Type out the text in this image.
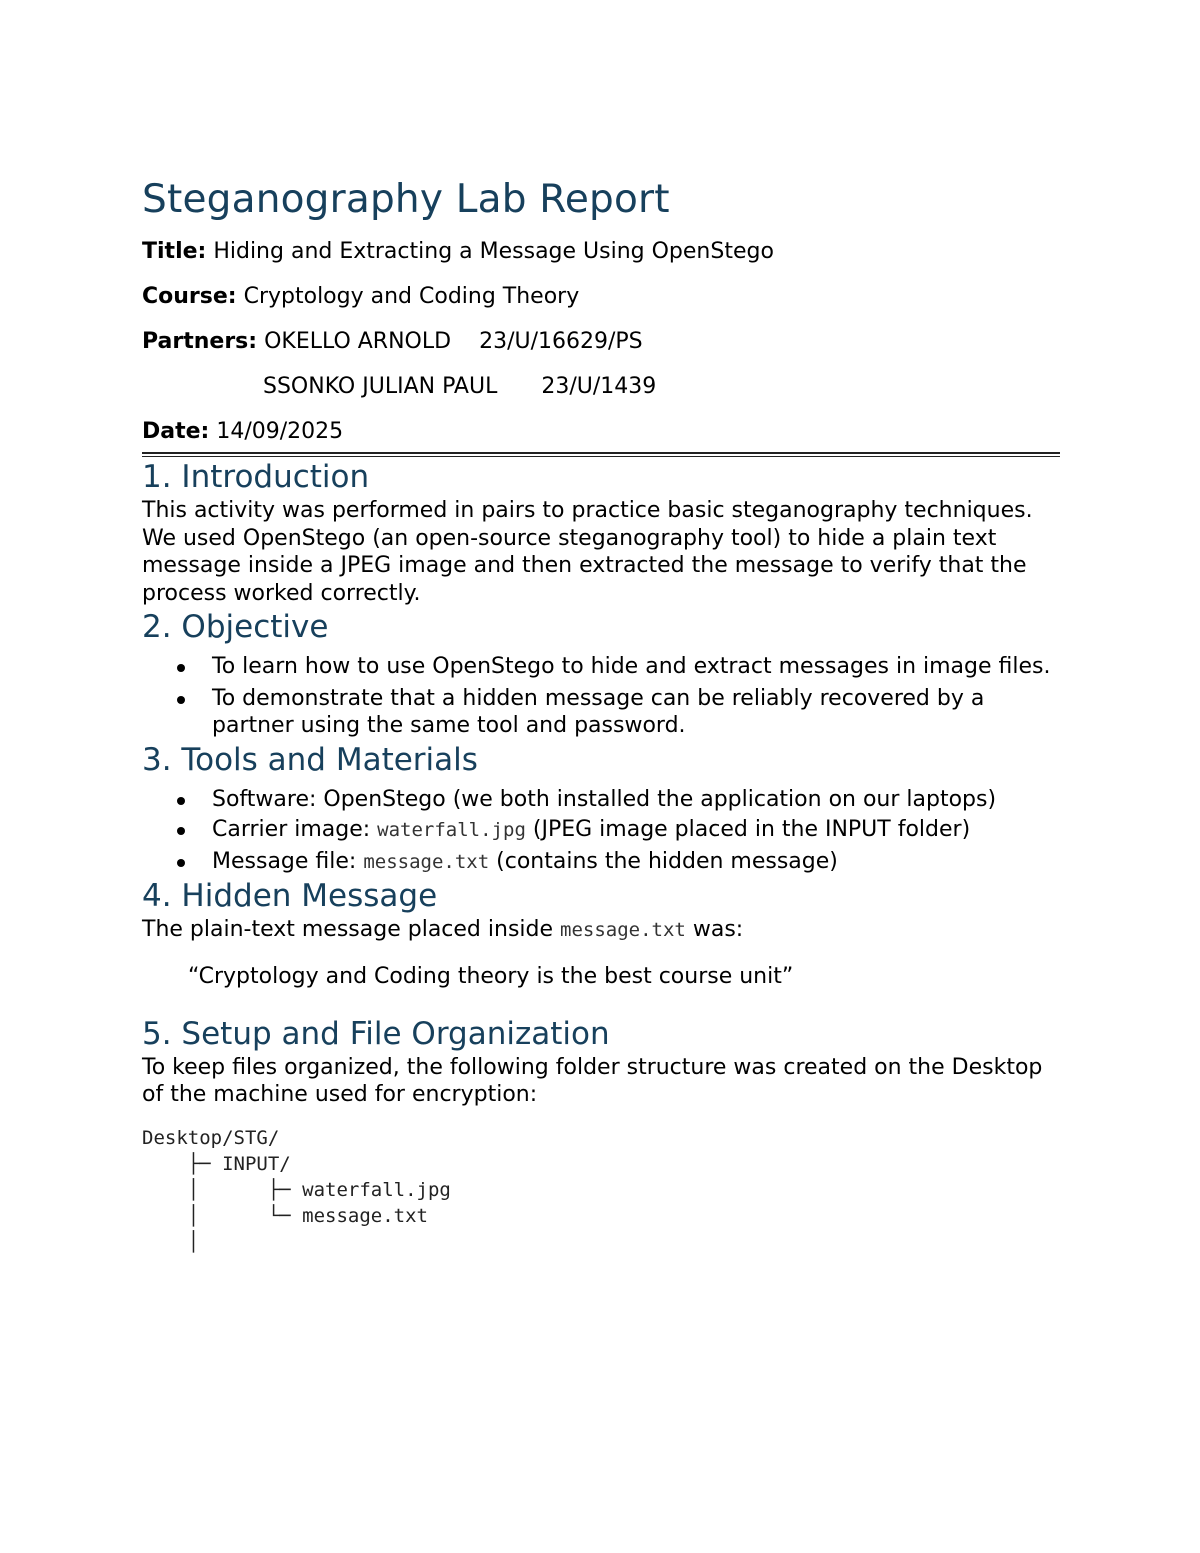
Steganography Lab Report

Title: Hiding and Extracting a Message Using OpenStego

Course: Cryptology and Coding Theory

Partners: OKELLO ARNOLD 23/U/16629/PS

SSONKO JULIAN PAUL 23/U/1439

Date: 14/09/2025

1. Introduction

This activity was performed in pairs to practice basic steganography techniques. We used OpenStego (an open-source steganography tool) to hide a plain text message inside a JPEG image and then extracted the message to verify that the process worked correctly.

2. Objective
To learn how to use OpenStego to hide and extract messages in image files.
To demonstrate that a hidden message can be reliably recovered by a partner using the same tool and password.
3. Tools and Materials
Software: OpenStego (we both installed the application on our laptops)
Carrier image: waterfall.jpg (JPEG image placed in the INPUT folder)
Message file: message.txt (contains the hidden message)
4. Hidden Message

The plain-text message placed inside message.txt was:

“Cryptology and Coding theory is the best course unit”

5. Setup and File Organization

To keep files organized, the following folder structure was created on the Desktop of the machine used for encryption:

Desktop/STG/
├─ INPUT/
│      ├─ waterfall.jpg
│      └─ message.txt
│
